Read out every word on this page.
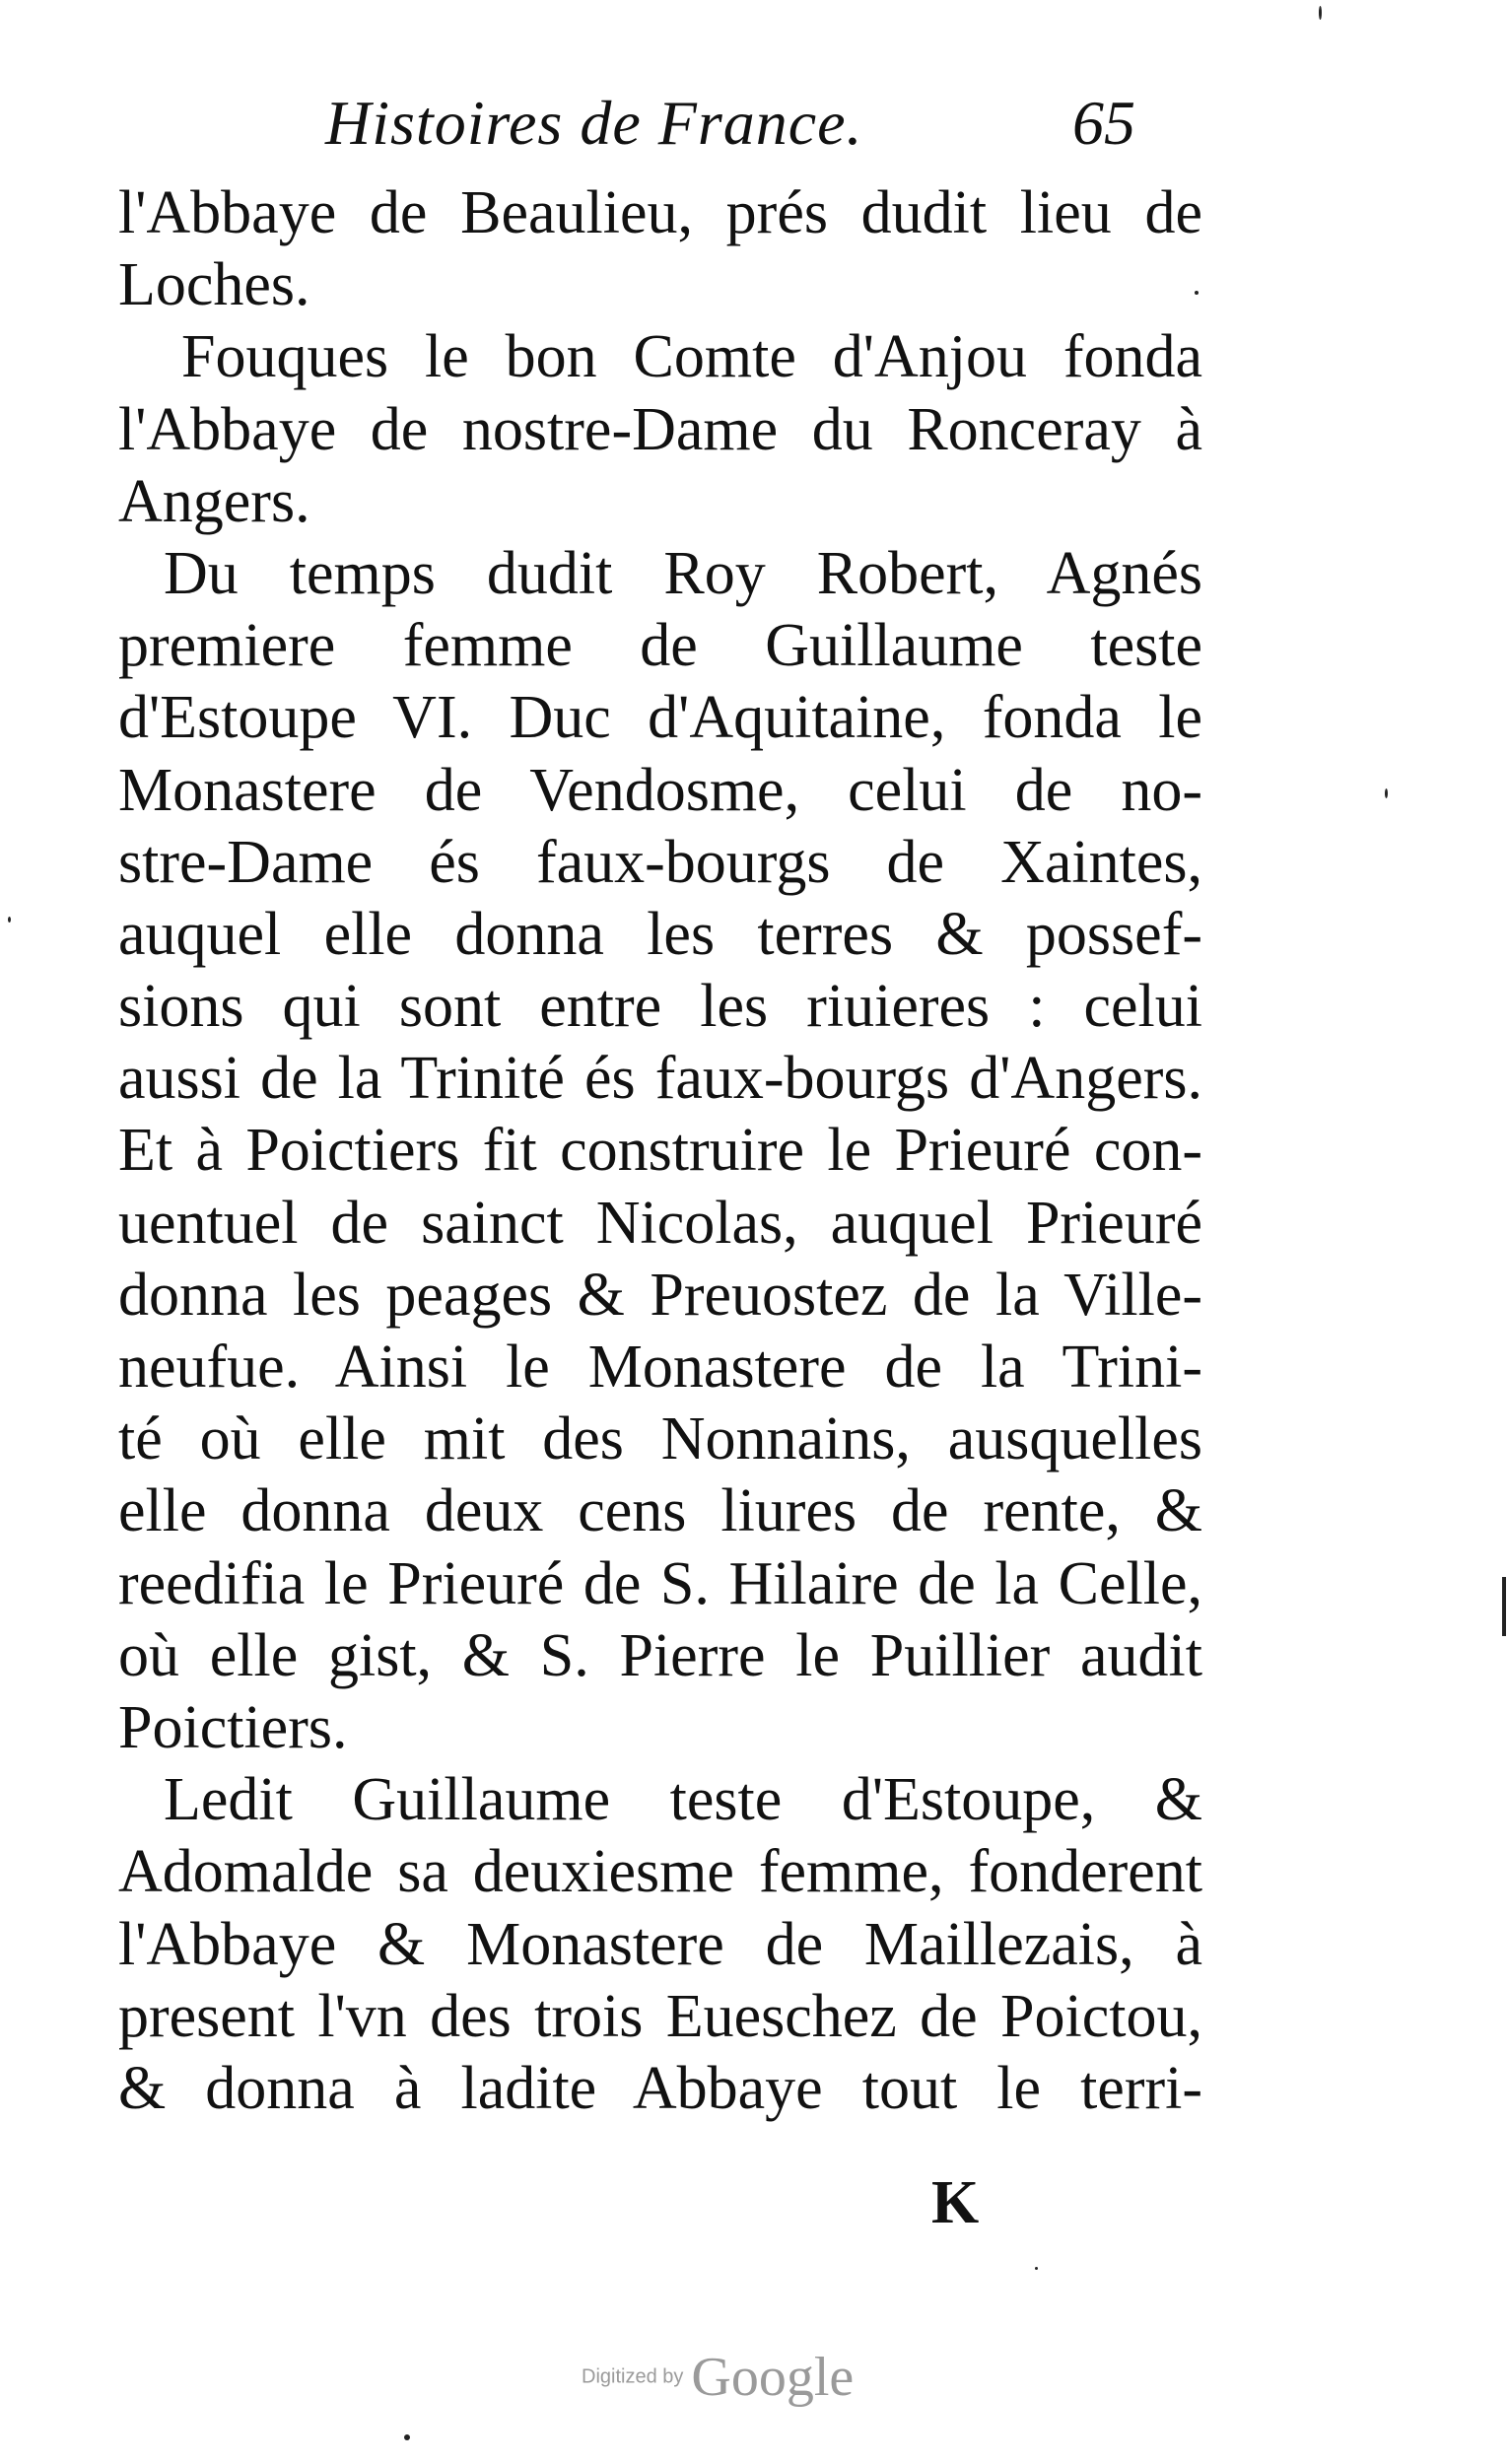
Histoires de France.	65
l'Abbaye de Beaulieu, prés dudit lieu de
Loches.
Fouques le bon Comte d'Anjou fonda
l'Abbaye de nostre-Dame du Ronceray à
Angers.
Du temps dudit Roy Robert, Agnés
premiere femme de Guillaume teste
d'Estoupe VI. Duc d'Aquitaine, fonda le
Monastere de Vendosme, celui de no-
stre-Dame és faux-bourgs de Xaintes,
auquel elle donna les terres & possef-
sions qui sont entre les riuieres : celui
aussi de la Trinité és faux-bourgs d'Angers.
Et à Poictiers fit construire le Prieuré con-
uentuel de sainct Nicolas, auquel Prieuré
donna les peages & Preuostez de la Ville-
neufue. Ainsi le Monastere de la Trini-
té où elle mit des Nonnains, ausquelles
elle donna deux cens liures de rente, &
reedifia le Prieuré de S. Hilaire de la Celle,
où elle gist, & S. Pierre le Puillier audit
Poictiers.
Ledit Guillaume teste d'Estoupe, &
Adomalde sa deuxiesme femme, fonderent
l'Abbaye & Monastere de Maillezais, à
present l'vn des trois Eueschez de Poictou,
& donna à ladite Abbaye tout le terri-
K
Digitized by Google
